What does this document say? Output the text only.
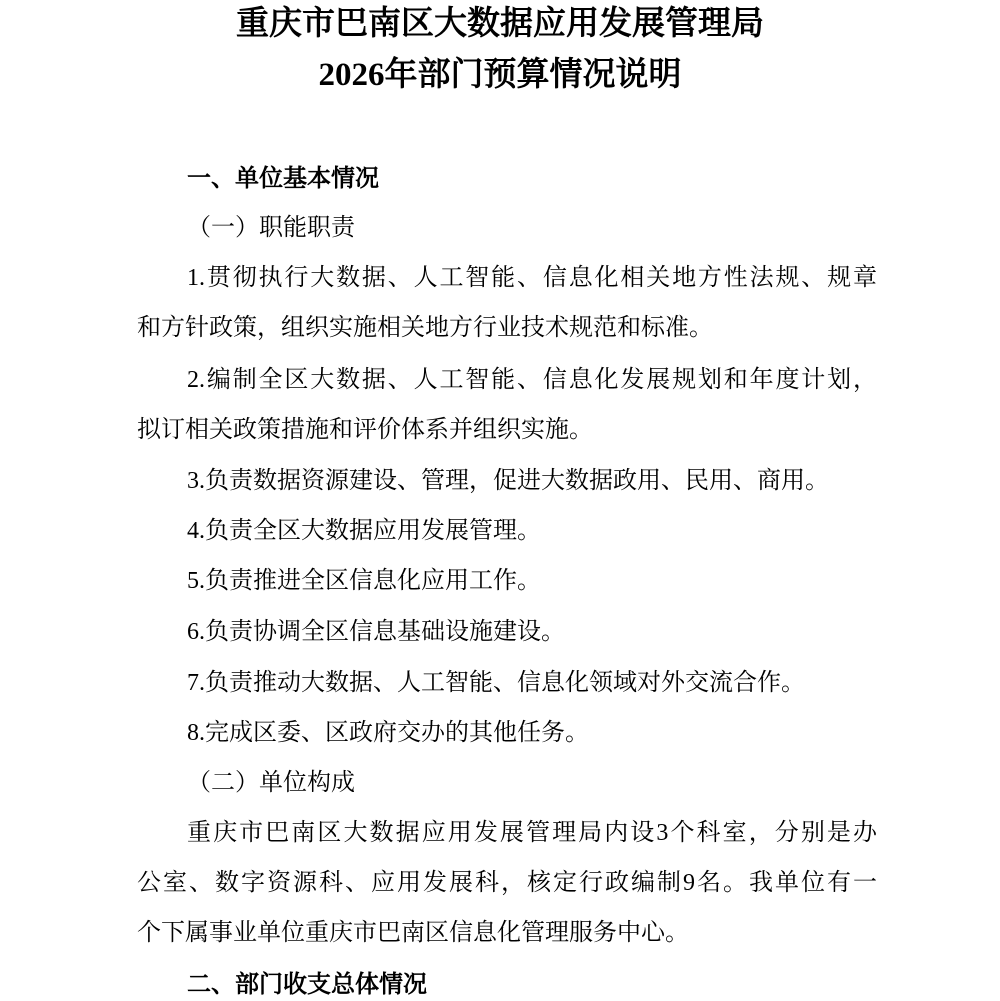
重庆市巴南区大数据应用发展管理局
2026年部门预算情况说明
一、单位基本情况
（一）职能职责
1.贯彻执行大数据、人工智能、信息化相关地方性法规、规章
和方针政策，组织实施相关地方行业技术规范和标准。
2.编制全区大数据、人工智能、信息化发展规划和年度计划，
拟订相关政策措施和评价体系并组织实施。
3.负责数据资源建设、管理，促进大数据政用、民用、商用。
4.负责全区大数据应用发展管理。
5.负责推进全区信息化应用工作。
6.负责协调全区信息基础设施建设。
7.负责推动大数据、人工智能、信息化领域对外交流合作。
8.完成区委、区政府交办的其他任务。
（二）单位构成
重庆市巴南区大数据应用发展管理局内设3个科室，分别是办
公室、数字资源科、应用发展科，核定行政编制9名。我单位有一
个下属事业单位重庆市巴南区信息化管理服务中心。
二、部门收支总体情况
